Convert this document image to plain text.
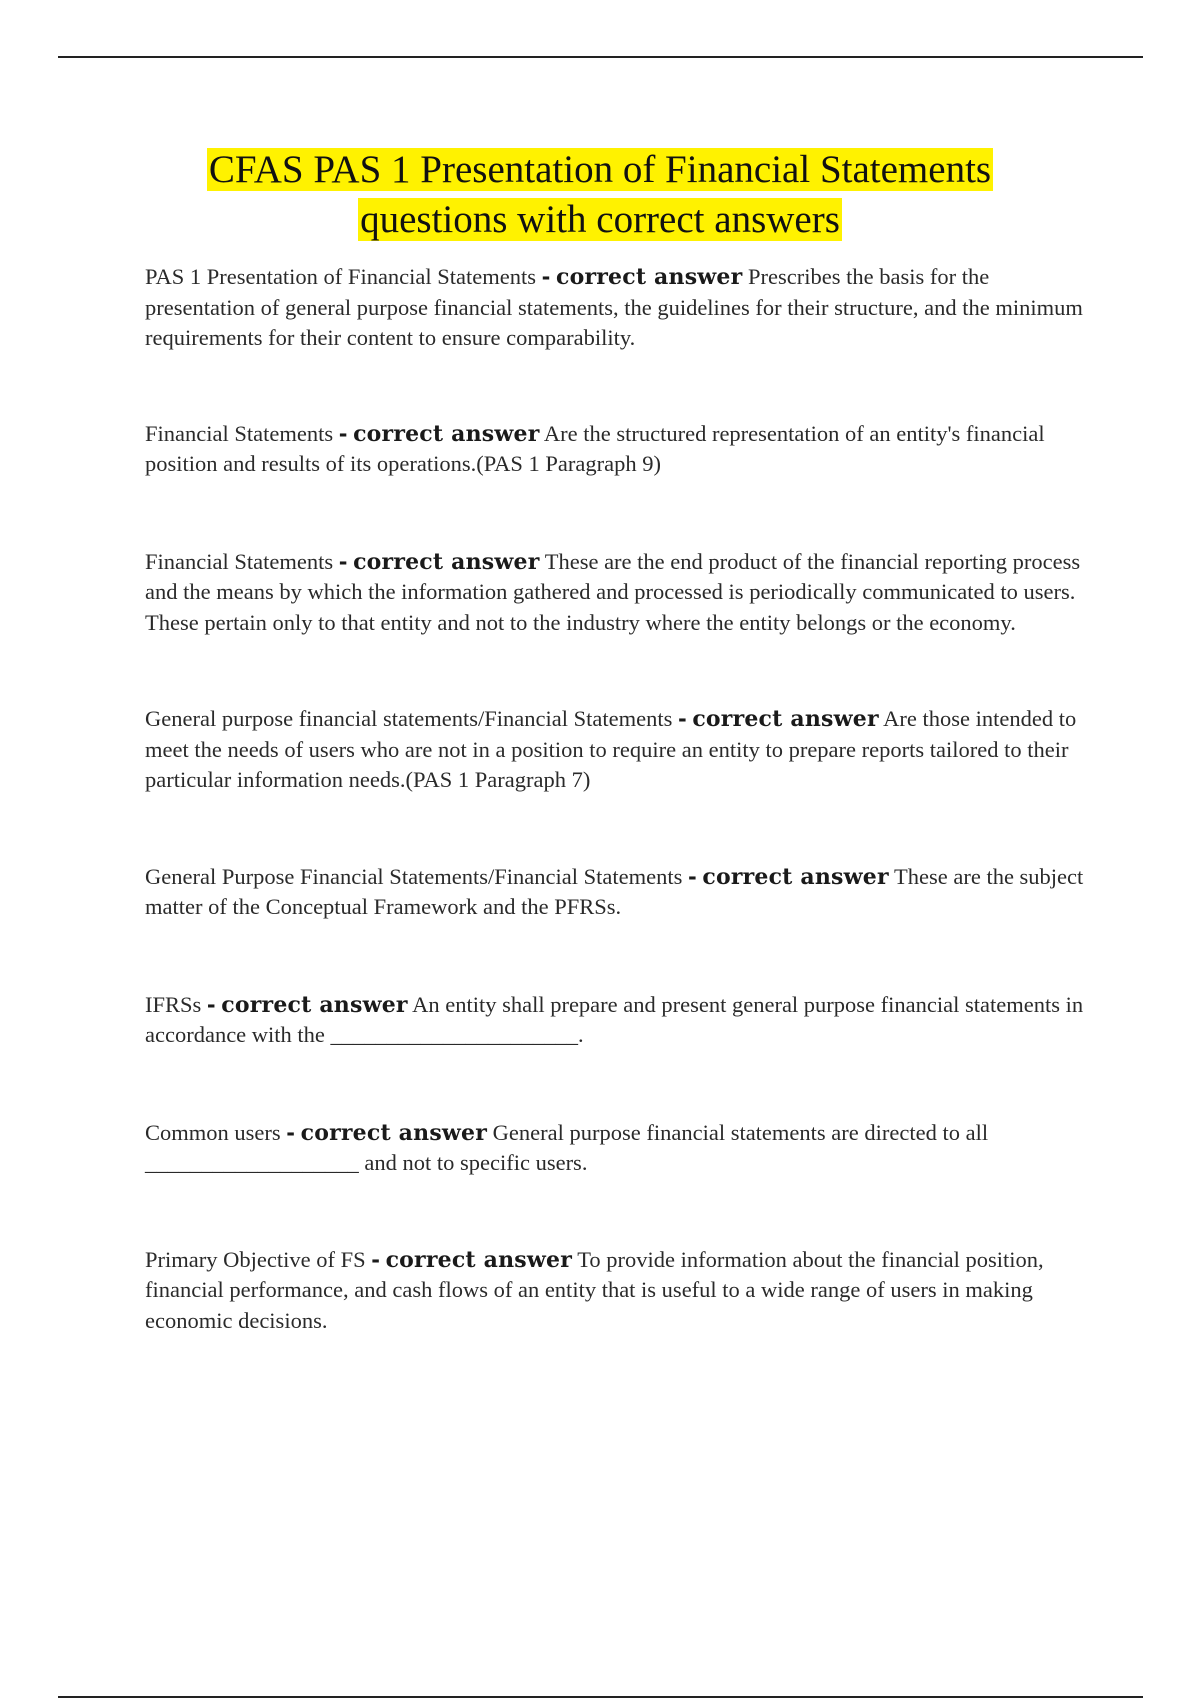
CFAS PAS 1 Presentation of Financial Statements
questions with correct answers

PAS 1 Presentation of Financial Statements - correct answer Prescribes the basis for the presentation of general purpose financial statements, the guidelines for their structure, and the minimum requirements for their content to ensure comparability.

Financial Statements - correct answer Are the structured representation of an entity's financial position and results of its operations.(PAS 1 Paragraph 9)

Financial Statements - correct answer These are the end product of the financial reporting process and the means by which the information gathered and processed is periodically communicated to users. These pertain only to that entity and not to the industry where the entity belongs or the economy.

General purpose financial statements/Financial Statements - correct answer Are those intended to meet the needs of users who are not in a position to require an entity to prepare reports tailored to their particular information needs.(PAS 1 Paragraph 7)

General Purpose Financial Statements/Financial Statements - correct answer These are the subject matter of the Conceptual Framework and the PFRSs.

IFRSs - correct answer An entity shall prepare and present general purpose financial statements in accordance with the ______________________.

Common users - correct answer General purpose financial statements are directed to all ___________________ and not to specific users.

Primary Objective of FS - correct answer To provide information about the financial position, financial performance, and cash flows of an entity that is useful to a wide range of users in making economic decisions.
